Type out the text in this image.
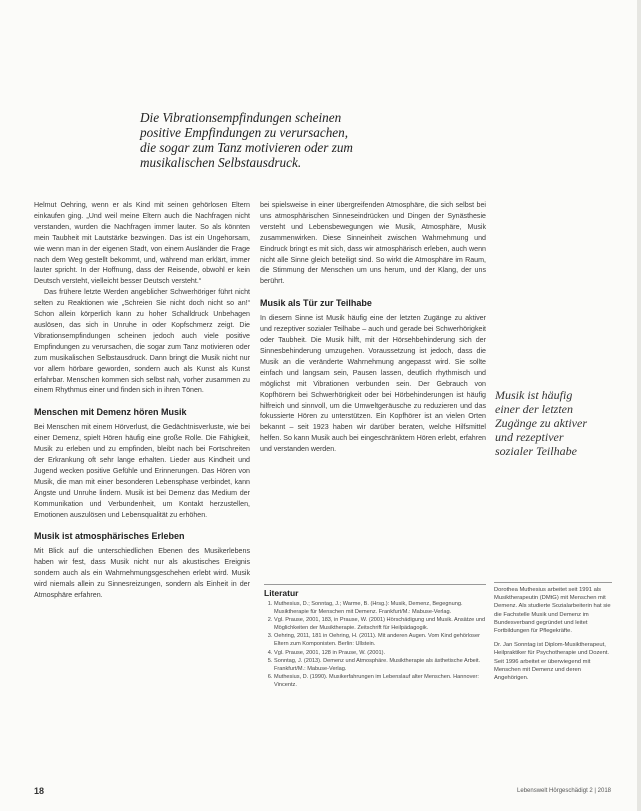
Die Vibrationsempfindungen scheinen
positive Empfindungen zu verursachen,
die sogar zum Tanz motivieren oder zum
musikalischen Selbstausdruck.

Helmut Oehring, wenn er als Kind mit seinen gehörlosen Eltern einkaufen ging. „Und weil meine Eltern auch die Nachfragen nicht verstanden, wurden die Nachfragen immer lauter. So als könnten mein Taubheit mit Lautstärke bezwingen. Das ist ein Ungehorsam, wie wenn man in der eigenen Stadt, von einem Ausländer die Frage nach dem Weg gestellt bekommt, und, während man erklärt, immer lauter spricht. In der Hoffnung, dass der Reisende, obwohl er kein Deutsch versteht, vielleicht besser Deutsch versteht.“

Das frühere letzte Werden angeblicher Schwerhöriger führt nicht selten zu Reaktionen wie „Schreien Sie nicht doch nicht so an!“ Schon allein körperlich kann zu hoher Schalldruck Unbehagen auslösen, das sich in Unruhe in oder Kopfschmerz zeigt. Die Vibrationsempfindungen scheinen jedoch auch viele positive Empfindungen zu verursachen, die sogar zum Tanz motivieren oder zum musikalischen Selbstausdruck. Dann bringt die Musik nicht nur vor allem hörbare geworden, sondern auch als Kunst als Kunst erfahrbar. Menschen kommen sich selbst nah, vorher zusammen zu einem Rhythmus einer und finden sich in ihren Tönen.

Menschen mit Demenz hören Musik

Bei Menschen mit einem Hörverlust, die Gedächtnisverluste, wie bei einer Demenz, spielt Hören häufig eine große Rolle. Die Fähigkeit, Musik zu erleben und zu empfinden, bleibt nach bei Fortschreiten der Erkrankung oft sehr lange erhalten. Lieder aus Kindheit und Jugend wecken positive Gefühle und Erinnerungen. Das Hören von Musik, die man mit einer besonderen Lebensphase verbindet, kann Ängste und Unruhe lindern. Musik ist bei Demenz das Medium der Kommunikation und Verbundenheit, um Kontakt herzustellen, Emotionen auszulösen und Lebensqualität zu erhöhen.

Musik ist atmosphärisches Erleben

Mit Blick auf die unterschiedlichen Ebenen des Musikerlebens haben wir fest, dass Musik nicht nur als akustisches Ereignis sondern auch als ein Wahrnehmungsgeschehen erlebt wird. Musik wird niemals allein zu Sinnesreizungen, sondern als Einheit in der Atmosphäre erfahren.

bei spielsweise in einer übergreifenden Atmosphäre, die sich selbst bei uns atmosphärischen Sinneseindrücken und Dingen der Synästhesie versteht und Lebensbewegungen wie Musik, Atmosphäre, Musik zusammenwirken. Diese Sinneinheit zwischen Wahrnehmung und Eindruck bringt es mit sich, dass wir atmosphärisch erleben, auch wenn nicht alle Sinne gleich beteiligt sind. So wirkt die Atmosphäre im Raum, die Stimmung der Menschen um uns herum, und der Klang, der uns berührt.

Musik als Tür zur Teilhabe

In diesem Sinne ist Musik häufig eine der letzten Zugänge zu aktiver und rezeptiver sozialer Teilhabe – auch und gerade bei Schwerhörigkeit oder Taubheit. Die Musik hilft, mit der Hörsehbehinderung sich der Sinnesbehinderung umzugehen. Voraussetzung ist jedoch, dass die Musik an die veränderte Wahrnehmung angepasst wird. Sie sollte einfach und langsam sein, Pausen lassen, deutlich rhythmisch und möglichst mit Vibrationen verbunden sein. Der Gebrauch von Kopfhörern bei Schwerhörigkeit oder bei Hörbehinderungen ist häufig hilfreich und sinnvoll, um die Umweltgeräusche zu reduzieren und das fokussierte Hören zu unterstützen. Ein Kopfhörer ist an vielen Orten bekannt – seit 1923 haben wir darüber beraten, welche Hilfsmittel helfen. So kann Musik auch bei eingeschränktem Hören erlebt, erfahren und verstanden werden.

Musik ist häufig
einer der letzten
Zugänge zu aktiver
und rezeptiver
sozialer Teilhabe
Literatur
1. Muthesius, D.; Sonntag, J.; Warme, B. (Hrsg.): Musik, Demenz, Begegnung. Musiktherapie für Menschen mit Demenz. Frankfurt/M.: Mabuse-Verlag.
2. Vgl. Prause, 2001, 183, in Prause, W. (2001) Hörschädigung und Musik. Ansätze und Möglichkeiten der Musiktherapie. Zeitschrift für Heilpädagogik.
3. Oehring, 2011, 181 in Oehring, H. (2011). Mit anderen Augen. Vom Kind gehörloser Eltern zum Komponisten. Berlin: Ullstein.
4. Vgl. Prause, 2001, 128 in Prause, W. (2001).
5. Sonntag, J. (2013). Demenz und Atmosphäre. Musiktherapie als ästhetische Arbeit. Frankfurt/M.: Mabuse-Verlag.
6. Muthesius, D. (1990). Musikerfahrungen im Lebenslauf alter Menschen. Hannover: Vincentz.

Dorothea Muthesius arbeitet seit 1991 als Musiktherapeutin (DMtG) mit Menschen mit Demenz. Als studierte Sozialarbeiterin hat sie die Fachstelle Musik und Demenz im Bundesverband gegründet und leitet Fortbildungen für Pflegekräfte.

Dr. Jan Sonntag ist Diplom-Musiktherapeut, Heilpraktiker für Psychotherapie und Dozent. Seit 1996 arbeitet er überwiegend mit Menschen mit Demenz und deren Angehörigen.

18	Lebenswelt Hörgeschädigt 2 | 2018
